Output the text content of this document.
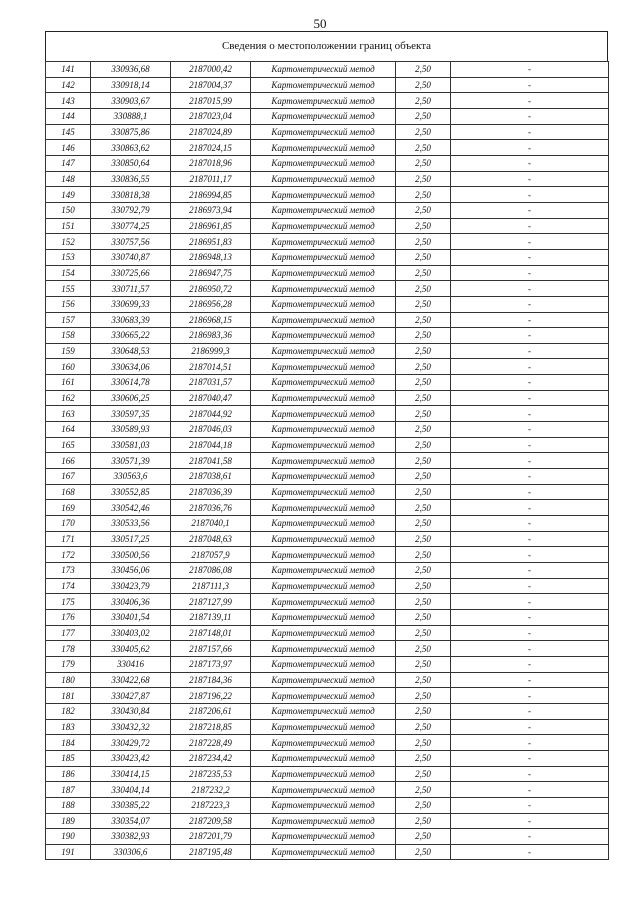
50
Сведения о местоположении границ объекта
141	330936,68	2187000,42	Картометрический метод	2,50	-
142	330918,14	2187004,37	Картометрический метод	2,50	-
143	330903,67	2187015,99	Картометрический метод	2,50	-
144	330888,1	2187023,04	Картометрический метод	2,50	-
145	330875,86	2187024,89	Картометрический метод	2,50	-
146	330863,62	2187024,15	Картометрический метод	2,50	-
147	330850,64	2187018,96	Картометрический метод	2,50	-
148	330836,55	2187011,17	Картометрический метод	2,50	-
149	330818,38	2186994,85	Картометрический метод	2,50	-
150	330792,79	2186973,94	Картометрический метод	2,50	-
151	330774,25	2186961,85	Картометрический метод	2,50	-
152	330757,56	2186951,83	Картометрический метод	2,50	-
153	330740,87	2186948,13	Картометрический метод	2,50	-
154	330725,66	2186947,75	Картометрический метод	2,50	-
155	330711,57	2186950,72	Картометрический метод	2,50	-
156	330699,33	2186956,28	Картометрический метод	2,50	-
157	330683,39	2186968,15	Картометрический метод	2,50	-
158	330665,22	2186983,36	Картометрический метод	2,50	-
159	330648,53	2186999,3	Картометрический метод	2,50	-
160	330634,06	2187014,51	Картометрический метод	2,50	-
161	330614,78	2187031,57	Картометрический метод	2,50	-
162	330606,25	2187040,47	Картометрический метод	2,50	-
163	330597,35	2187044,92	Картометрический метод	2,50	-
164	330589,93	2187046,03	Картометрический метод	2,50	-
165	330581,03	2187044,18	Картометрический метод	2,50	-
166	330571,39	2187041,58	Картометрический метод	2,50	-
167	330563,6	2187038,61	Картометрический метод	2,50	-
168	330552,85	2187036,39	Картометрический метод	2,50	-
169	330542,46	2187036,76	Картометрический метод	2,50	-
170	330533,56	2187040,1	Картометрический метод	2,50	-
171	330517,25	2187048,63	Картометрический метод	2,50	-
172	330500,56	2187057,9	Картометрический метод	2,50	-
173	330456,06	2187086,08	Картометрический метод	2,50	-
174	330423,79	2187111,3	Картометрический метод	2,50	-
175	330406,36	2187127,99	Картометрический метод	2,50	-
176	330401,54	2187139,11	Картометрический метод	2,50	-
177	330403,02	2187148,01	Картометрический метод	2,50	-
178	330405,62	2187157,66	Картометрический метод	2,50	-
179	330416	2187173,97	Картометрический метод	2,50	-
180	330422,68	2187184,36	Картометрический метод	2,50	-
181	330427,87	2187196,22	Картометрический метод	2,50	-
182	330430,84	2187206,61	Картометрический метод	2,50	-
183	330432,32	2187218,85	Картометрический метод	2,50	-
184	330429,72	2187228,49	Картометрический метод	2,50	-
185	330423,42	2187234,42	Картометрический метод	2,50	-
186	330414,15	2187235,53	Картометрический метод	2,50	-
187	330404,14	2187232,2	Картометрический метод	2,50	-
188	330385,22	2187223,3	Картометрический метод	2,50	-
189	330354,07	2187209,58	Картометрический метод	2,50	-
190	330382,93	2187201,79	Картометрический метод	2,50	-
191	330306,6	2187195,48	Картометрический метод	2,50	-
